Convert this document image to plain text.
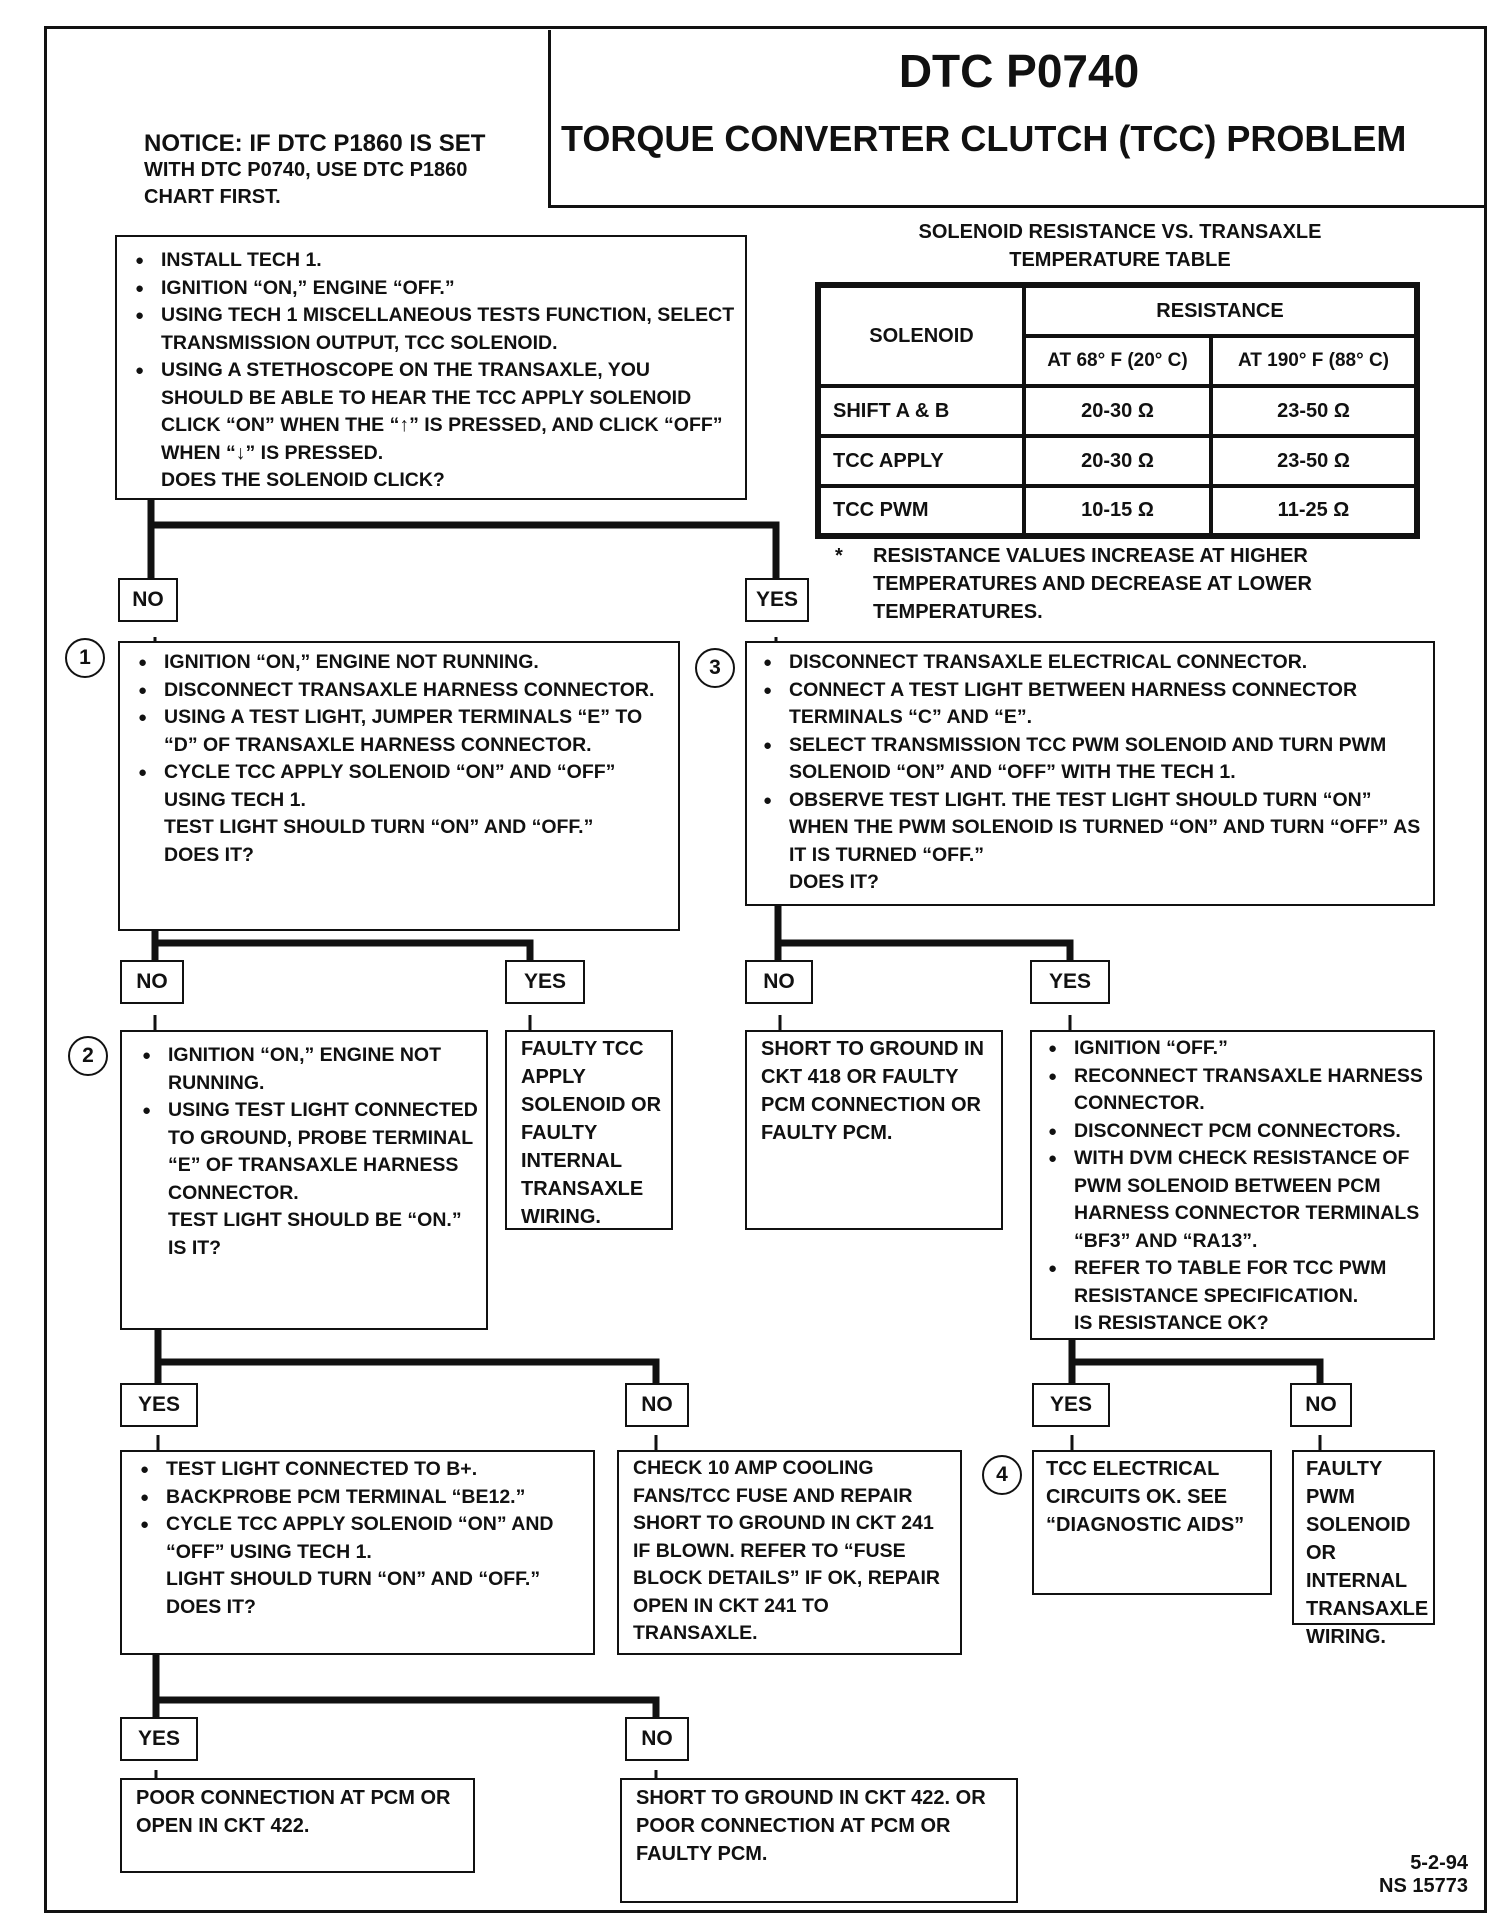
DTC P0740
TORQUE CONVERTER CLUTCH (TCC) PROBLEM
NOTICE: IF DTC P1860 IS SET
WITH DTC P0740, USE DTC P1860
CHART FIRST.
● INSTALL TECH 1.
● IGNITION “ON,” ENGINE “OFF.”
● USING TECH 1 MISCELLANEOUS TESTS FUNCTION, SELECT TRANSMISSION OUTPUT, TCC SOLENOID.
● USING A STETHOSCOPE ON THE TRANSAXLE, YOU SHOULD BE ABLE TO HEAR THE TCC APPLY SOLENOID CLICK “ON” WHEN THE “↑” IS PRESSED, AND CLICK “OFF” WHEN “↓” IS PRESSED.
DOES THE SOLENOID CLICK?
SOLENOID RESISTANCE VS. TRANSAXLE
TEMPERATURE TABLE
SOLENOID
RESISTANCE
AT 68° F (20° C)	AT 190° F (88° C)
SHIFT A & B	20-30 Ω	23-50 Ω
TCC APPLY	20-30 Ω	23-50 Ω
TCC PWM	10-15 Ω	11-25 Ω
* RESISTANCE VALUES INCREASE AT HIGHER
TEMPERATURES AND DECREASE AT LOWER
TEMPERATURES.
NO	YES
1	3
● IGNITION “ON,” ENGINE NOT RUNNING.
● DISCONNECT TRANSAXLE HARNESS CONNECTOR.
● USING A TEST LIGHT, JUMPER TERMINALS “E” TO “D” OF TRANSAXLE HARNESS CONNECTOR.
● CYCLE TCC APPLY SOLENOID “ON” AND “OFF” USING TECH 1.
TEST LIGHT SHOULD TURN “ON” AND “OFF.”
DOES IT?
● DISCONNECT TRANSAXLE ELECTRICAL CONNECTOR.
● CONNECT A TEST LIGHT BETWEEN HARNESS CONNECTOR TERMINALS “C” AND “E”.
● SELECT TRANSMISSION TCC PWM SOLENOID AND TURN PWM SOLENOID “ON” AND “OFF” WITH THE TECH 1.
● OBSERVE TEST LIGHT. THE TEST LIGHT SHOULD TURN “ON” WHEN THE PWM SOLENOID IS TURNED “ON” AND TURN “OFF” AS IT IS TURNED “OFF.”
DOES IT?
NO	YES	NO	YES
2
●	IGNITION “ON,” ENGINE NOT RUNNING.
● USING TEST LIGHT CONNECTED TO GROUND, PROBE TERMINAL “E” OF TRANSAXLE HARNESS CONNECTOR.
TEST LIGHT SHOULD BE “ON.”
IS IT?
FAULTY TCC APPLY SOLENOID OR FAULTY INTERNAL TRANSAXLE WIRING.
SHORT TO GROUND IN CKT 418 OR FAULTY PCM CONNECTION OR FAULTY PCM.
● IGNITION “OFF.”
● RECONNECT TRANSAXLE HARNESS CONNECTOR.
● DISCONNECT PCM CONNECTORS.
● WITH DVM CHECK RESISTANCE OF PWM SOLENOID BETWEEN PCM HARNESS CONNECTOR TERMINALS “BF3” AND “RA13”.
● REFER TO TABLE FOR TCC PWM RESISTANCE SPECIFICATION.
IS RESISTANCE OK?
YES	NO	YES	NO
● TEST LIGHT CONNECTED TO B+.
● BACKPROBE PCM TERMINAL “BE12.”
● CYCLE TCC APPLY SOLENOID “ON” AND “OFF” USING TECH 1.
LIGHT SHOULD TURN “ON” AND “OFF.”
DOES IT?
CHECK 10 AMP COOLING FANS/TCC FUSE AND REPAIR SHORT TO GROUND IN CKT 241 IF BLOWN. REFER TO “FUSE BLOCK DETAILS” IF OK, REPAIR OPEN IN CKT 241 TO TRANSAXLE.
4	TCC ELECTRICAL CIRCUITS OK. SEE “DIAGNOSTIC AIDS”
FAULTY PWM SOLENOID OR INTERNAL TRANSAXLE WIRING.
YES	NO
POOR CONNECTION AT PCM OR OPEN IN CKT 422.
SHORT TO GROUND IN CKT 422. OR POOR CONNECTION AT PCM OR FAULTY PCM.	5-2-94
NS 15773
